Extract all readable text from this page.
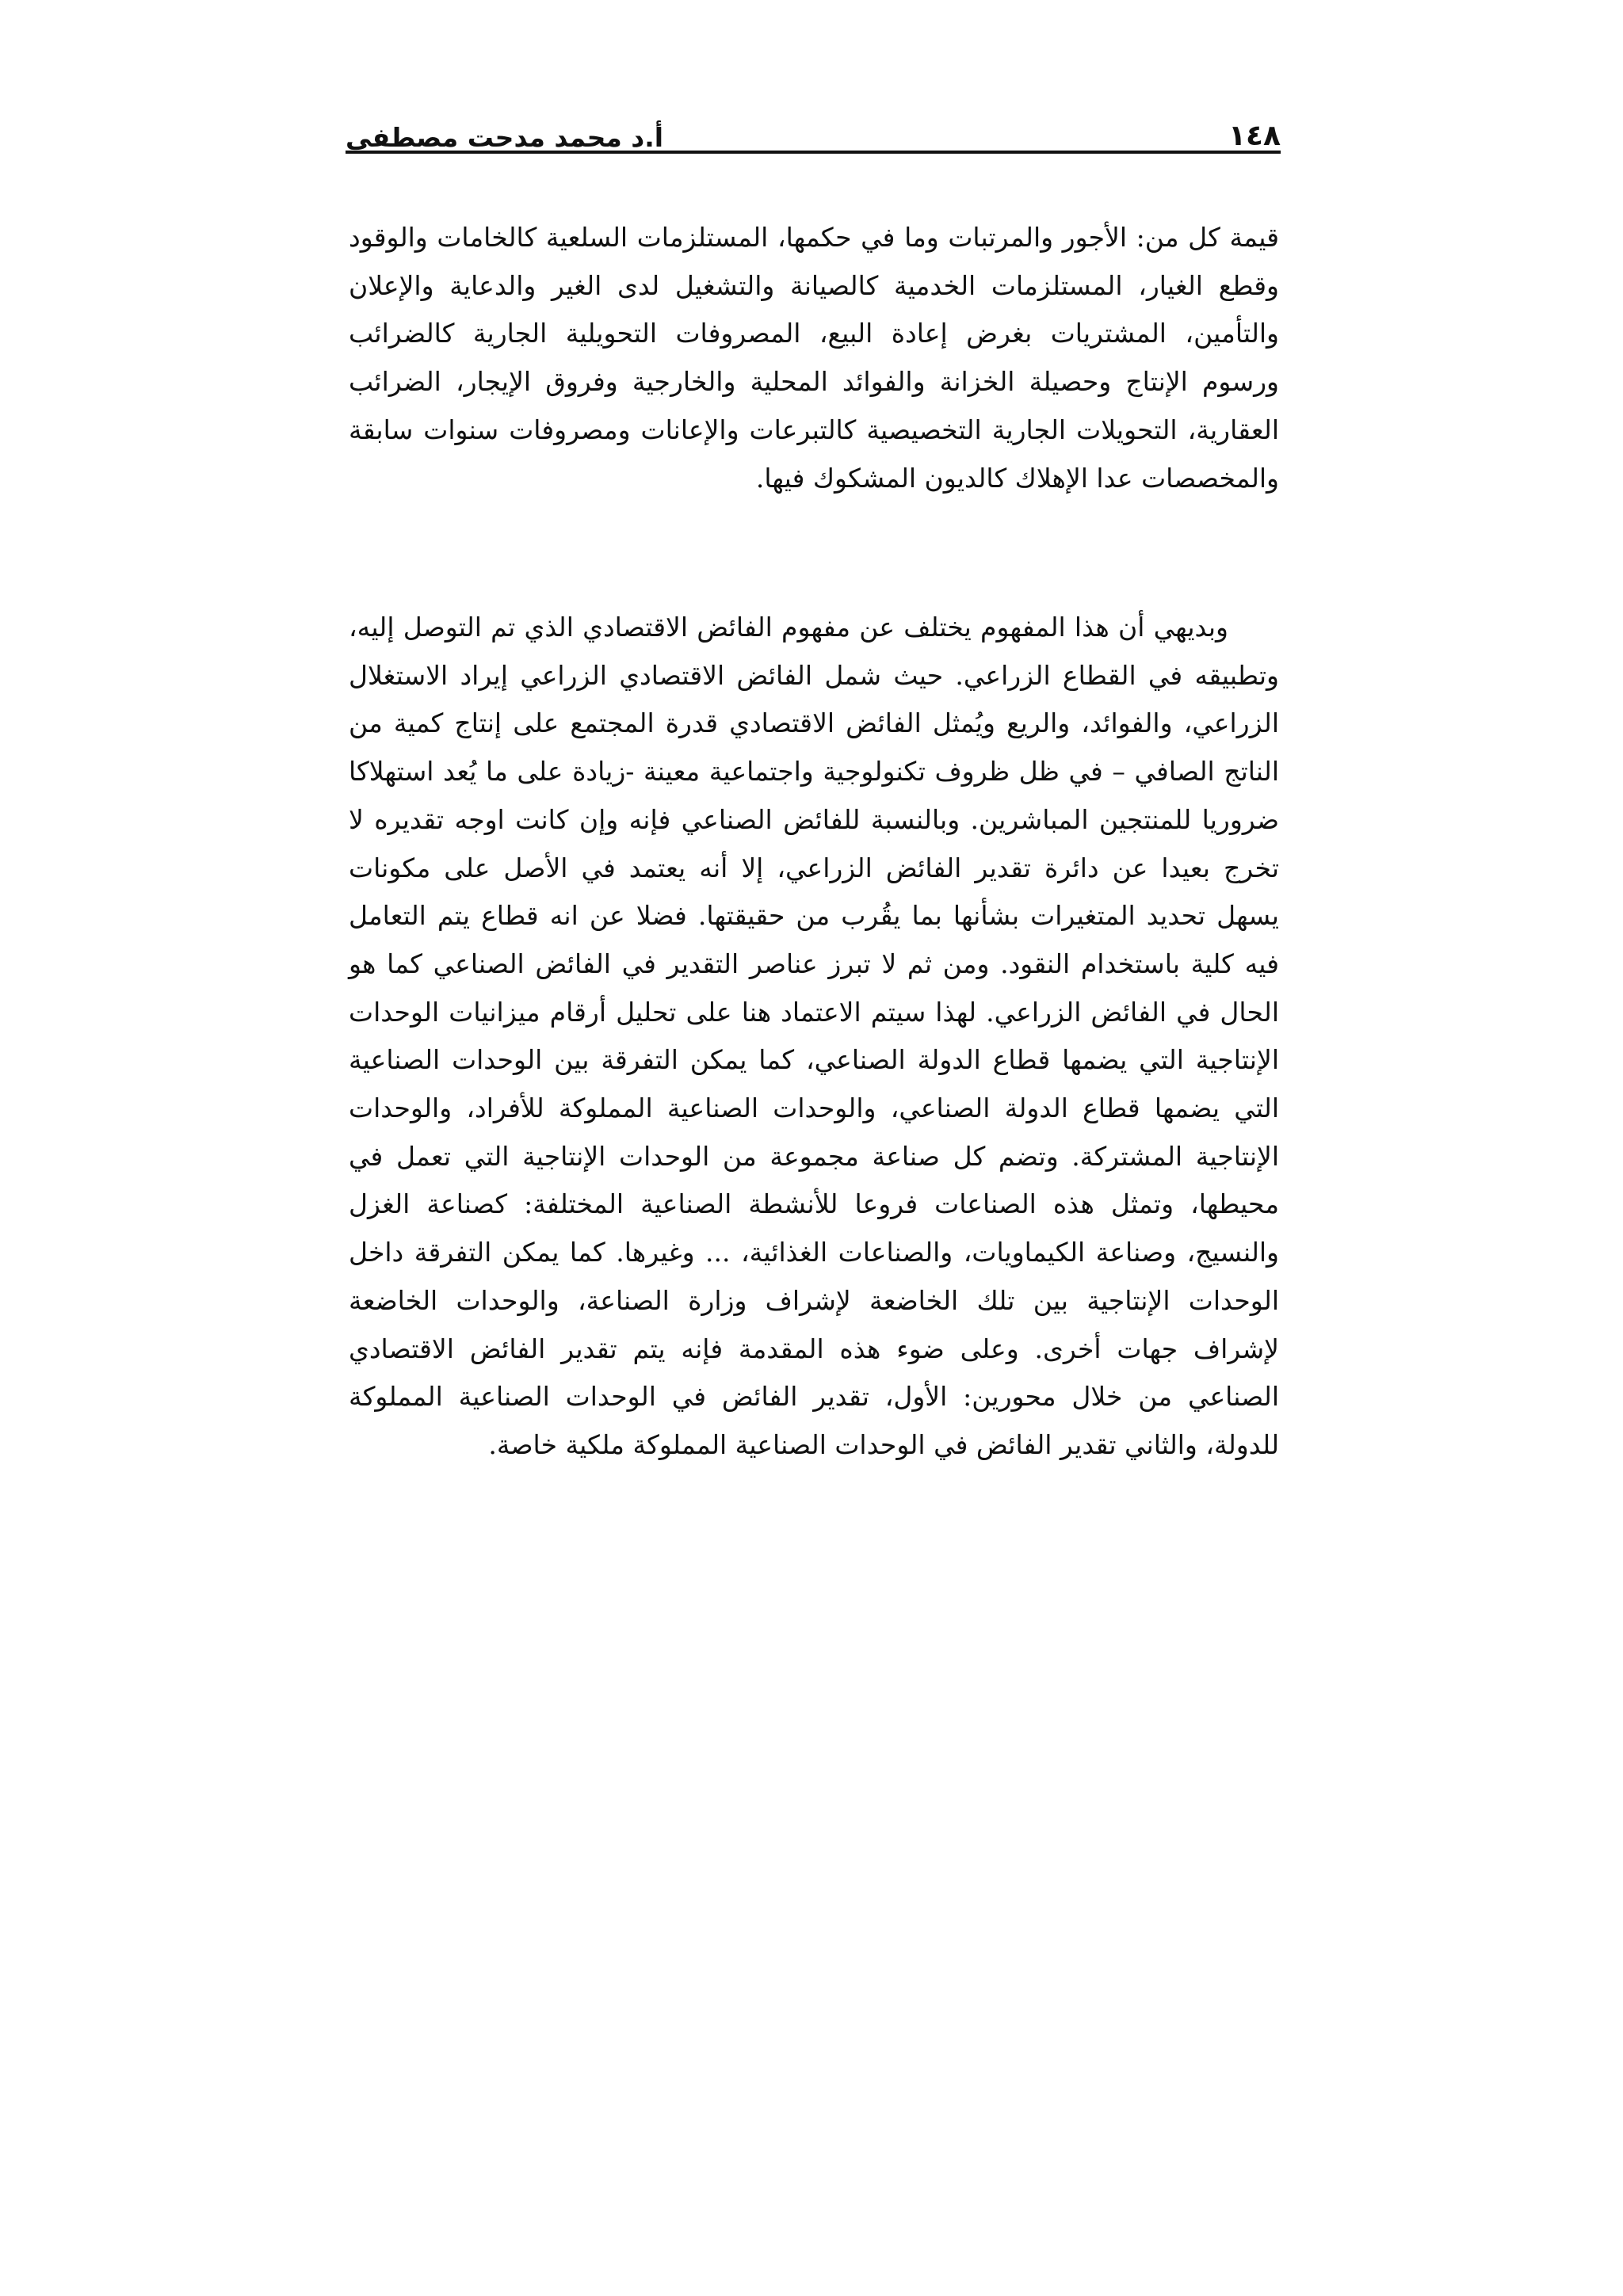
١٤٨
أ.د محمد مدحت مصطفى

قيمة كل من: الأجور والمرتبات وما في حكمها، المستلزمات السلعية كالخامات والوقود وقطع الغيار، المستلزمات الخدمية كالصيانة والتشغيل لدى الغير والدعاية والإعلان والتأمين، المشتريات بغرض إعادة البيع، المصروفات التحويلية الجارية كالضرائب ورسوم الإنتاج وحصيلة الخزانة والفوائد المحلية والخارجية وفروق الإيجار، الضرائب العقارية، التحويلات الجارية التخصيصية كالتبرعات والإعانات ومصروفات سنوات سابقة والمخصصات عدا الإهلاك كالديون المشكوك فيها.

وبديهي أن هذا المفهوم يختلف عن مفهوم الفائض الاقتصادي الذي تم التوصل إليه، وتطبيقه في القطاع الزراعي. حيث شمل الفائض الاقتصادي الزراعي إيراد الاستغلال الزراعي، والفوائد، والريع ويُمثل الفائض الاقتصادي قدرة المجتمع على إنتاج كمية من الناتج الصافي – في ظل ظروف تكنولوجية واجتماعية معينة -زيادة على ما يُعد استهلاكا ضروريا للمنتجين المباشرين. وبالنسبة للفائض الصناعي فإنه وإن كانت اوجه تقديره لا تخرج بعيدا عن دائرة تقدير الفائض الزراعي، إلا أنه يعتمد في الأصل على مكونات يسهل تحديد المتغيرات بشأنها بما يقُرب من حقيقتها. فضلا عن انه قطاع يتم التعامل فيه كلية باستخدام النقود. ومن ثم لا تبرز عناصر التقدير في الفائض الصناعي كما هو الحال في الفائض الزراعي. لهذا سيتم الاعتماد هنا على تحليل أرقام ميزانيات الوحدات الإنتاجية التي يضمها قطاع الدولة الصناعي، كما يمكن التفرقة بين الوحدات الصناعية التي يضمها قطاع الدولة الصناعي، والوحدات الصناعية المملوكة للأفراد، والوحدات الإنتاجية المشتركة. وتضم كل صناعة مجموعة من الوحدات الإنتاجية التي تعمل في محيطها، وتمثل هذه الصناعات فروعا للأنشطة الصناعية المختلفة: كصناعة الغزل والنسيج، وصناعة الكيماويات، والصناعات الغذائية، ... وغيرها. كما يمكن التفرقة داخل الوحدات الإنتاجية بين تلك الخاضعة لإشراف وزارة الصناعة، والوحدات الخاضعة لإشراف جهات أخرى. وعلى ضوء هذه المقدمة فإنه يتم تقدير الفائض الاقتصادي الصناعي من خلال محورين: الأول، تقدير الفائض في الوحدات الصناعية المملوكة للدولة، والثاني تقدير الفائض في الوحدات الصناعية المملوكة ملكية خاصة.
